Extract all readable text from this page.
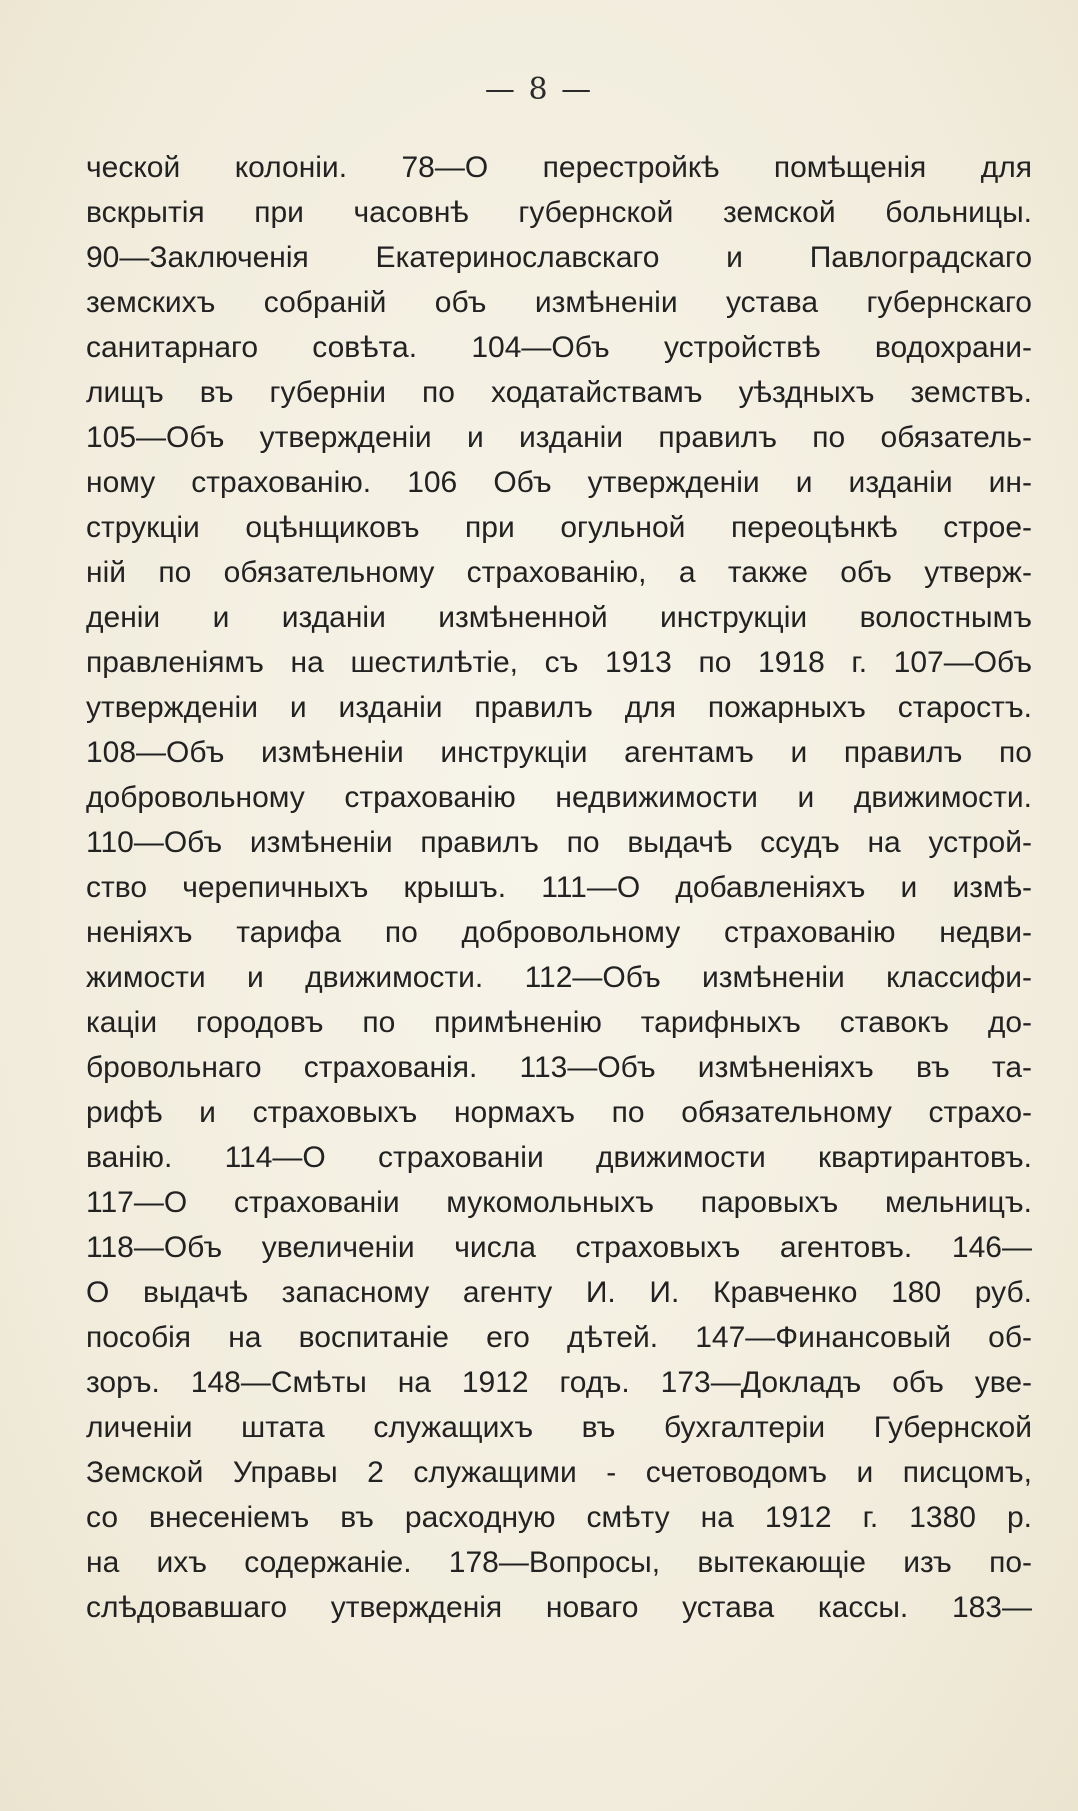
— 8 —
ческой колоніи. 78—О перестройкѣ помѣщенія для
вскрытія при часовнѣ губернской земской больницы.
90—Заключенія Екатеринославскаго и Павлоградскаго
земскихъ собраній объ измѣненіи устава губернскаго
санитарнаго совѣта. 104—Объ устройствѣ водохрани-
лищъ въ губерніи по ходатайствамъ уѣздныхъ земствъ.
105—Объ утвержденіи и изданіи правилъ по обязатель-
ному страхованію. 106 Объ утвержденіи и изданіи ин-
струкціи оцѣнщиковъ при огульной переоцѣнкѣ строе-
ній по обязательному страхованію, а также объ утверж-
деніи и изданіи измѣненной инструкціи волостнымъ
правленіямъ на шестилѣтіе, съ 1913 по 1918 г. 107—Объ
утвержденіи и изданіи правилъ для пожарныхъ старостъ.
108—Объ измѣненіи инструкціи агентамъ и правилъ по
добровольному страхованію недвижимости и движимости.
110—Объ измѣненіи правилъ по выдачѣ ссудъ на устрой-
ство черепичныхъ крышъ. 111—О добавленіяхъ и измѣ-
неніяхъ тарифа по добровольному страхованію недви-
жимости и движимости. 112—Объ измѣненіи классифи-
каціи городовъ по примѣненію тарифныхъ ставокъ до-
бровольнаго страхованія. 113—Объ измѣненіяхъ въ та-
рифѣ и страховыхъ нормахъ по обязательному страхо-
ванію. 114—О страхованіи движимости квартирантовъ.
117—О страхованіи мукомольныхъ паровыхъ мельницъ.
118—Объ увеличеніи числа страховыхъ агентовъ. 146—
О выдачѣ запасному агенту И. И. Кравченко 180 руб.
пособія на воспитаніе его дѣтей. 147—Финансовый об-
зоръ. 148—Смѣты на 1912 годъ. 173—Докладъ объ уве-
личеніи штата служащихъ въ бухгалтеріи Губернской
Земской Управы 2 служащими - счетоводомъ и писцомъ,
со внесеніемъ въ расходную смѣту на 1912 г. 1380 р.
на ихъ содержаніе. 178—Вопросы, вытекающіе изъ по-
слѣдовавшаго утвержденія новаго устава кассы. 183—
